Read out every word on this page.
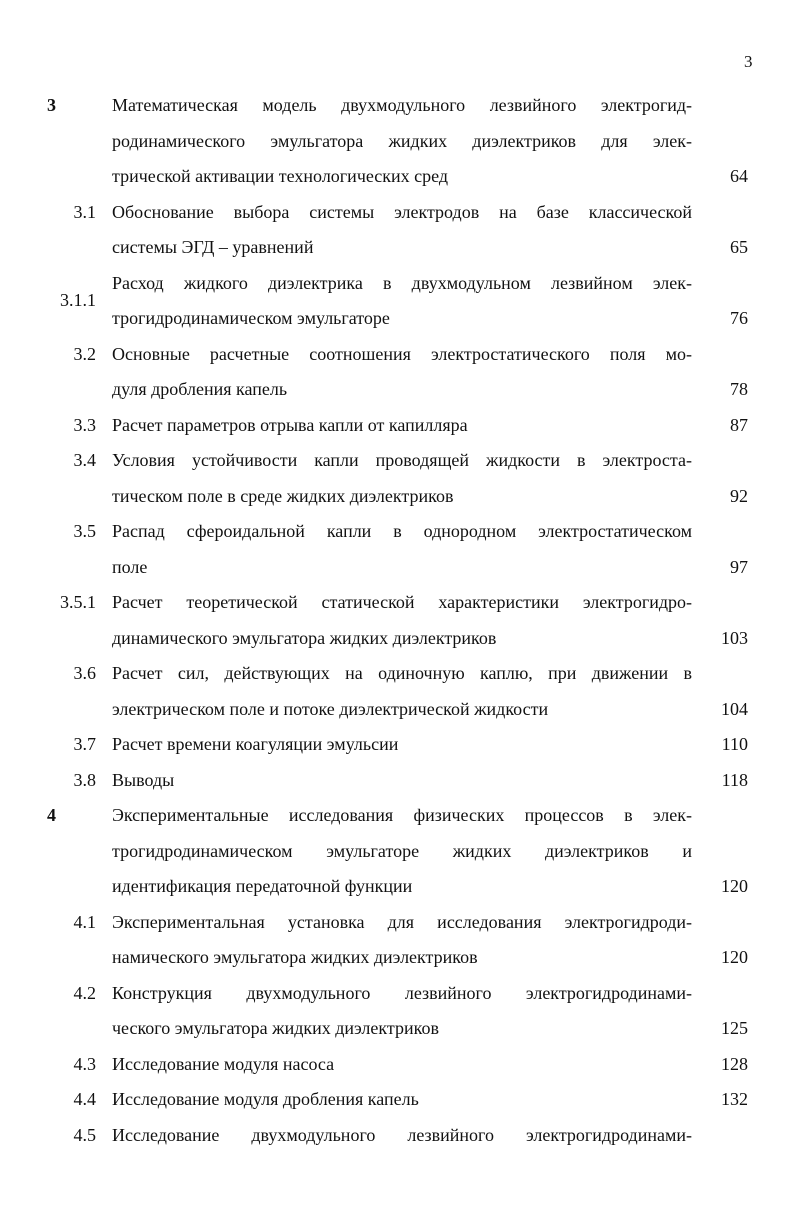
3
3	Математическая модель двухмодульного лезвийного электрогид-
родинамического эмульгатора жидких диэлектриков для элек-
трической активации технологических сред	64
3.1 Обоснование выбора системы электродов на базе классической
системы ЭГД – уравнений	65
3.1.1
Расход жидкого диэлектрика в двухмодульном лезвийном элек-
трогидродинамическом эмульгаторе	76
3.2 Основные расчетные соотношения электростатического поля мо-
дуля дробления капель	78
3.3 Расчет параметров отрыва капли от капилляра	87
3.4 Условия устойчивости капли проводящей жидкости в электроста-
тическом поле в среде жидких диэлектриков	92
3.5 Распад сфероидальной капли в однородном электростатическом
поле	97
3.5.1 Расчет теоретической статической характеристики электрогидро-
динамического эмульгатора жидких диэлектриков	103
3.6 Расчет сил, действующих на одиночную каплю, при движении в
электрическом поле и потоке диэлектрической жидкости	104
3.7 Расчет времени коагуляции эмульсии	110
3.8 Выводы	118
4	Экспериментальные исследования физических процессов в элек-
трогидродинамическом эмульгаторе жидких диэлектриков и
идентификация передаточной функции	120
4.1 Экспериментальная установка для исследования электрогидроди-
намического эмульгатора жидких диэлектриков	120
4.2 Конструкция двухмодульного лезвийного электрогидродинами-
ческого эмульгатора жидких диэлектриков	125
4.3 Исследование модуля насоса	128
4.4 Исследование модуля дробления капель	132
4.5 Исследование двухмодульного лезвийного электрогидродинами-
